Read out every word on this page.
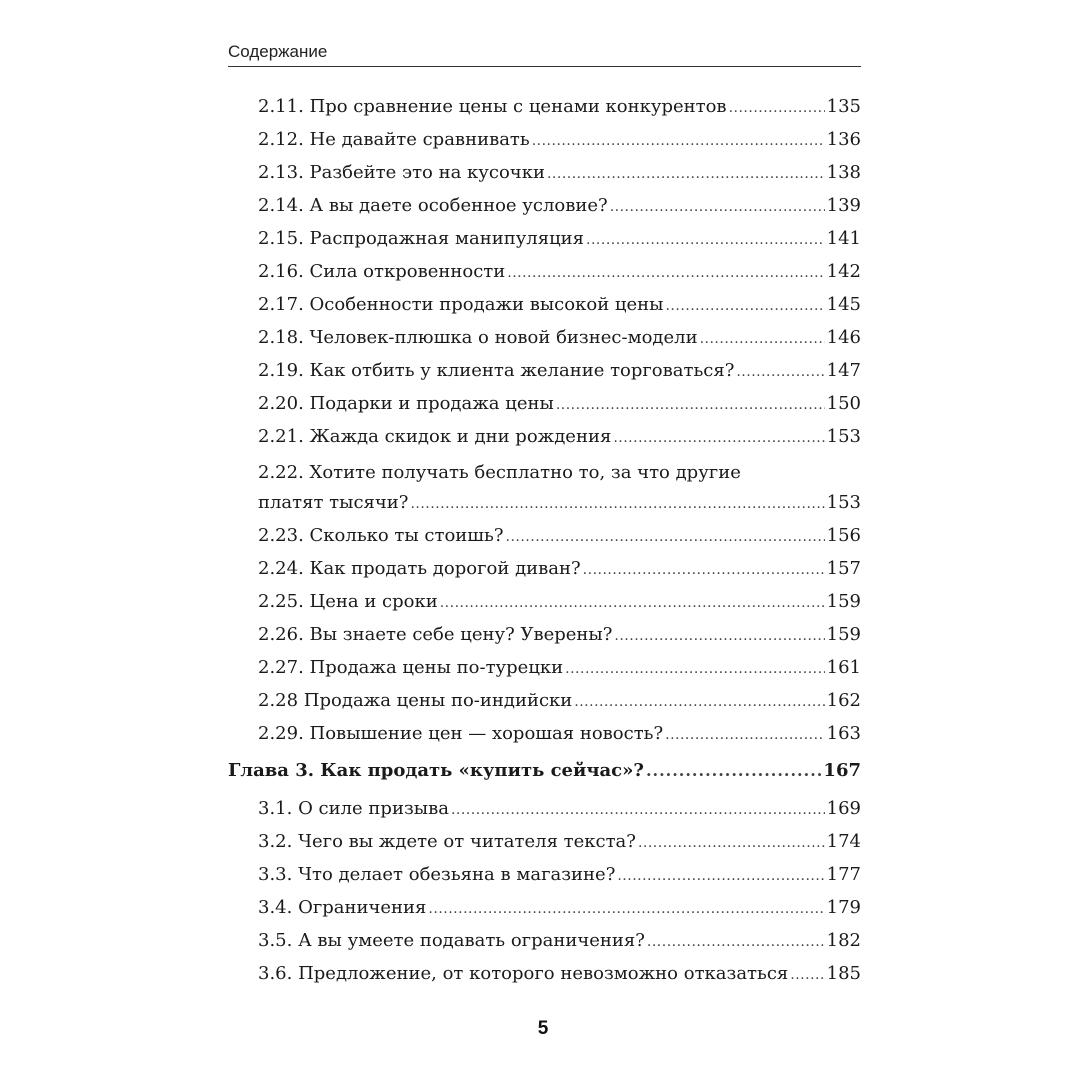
Содержание
2.11. Про сравнение цены с ценами конкурентов .....	135
2.12. Не давайте сравнивать .....	136
2.13. Разбейте это на кусочки .....	138
2.14. А вы даете особенное условие? .....	139
2.15. Распродажная манипуляция .....	141
2.16. Сила откровенности .....	142
2.17. Особенности продажи высокой цены .....	145
2.18. Человек-плюшка о новой бизнес-модели .....	146
2.19. Как отбить у клиента желание торговаться? .....	147
2.20. Подарки и продажа цены .....	150
2.21. Жажда скидок и дни рождения .....	153
2.22. Хотите получать бесплатно то, за что другие
платят тысячи? .....	153
2.23. Сколько ты стоишь? .....	156
2.24. Как продать дорогой диван? .....	157
2.25. Цена и сроки .....	159
2.26. Вы знаете себе цену? Уверены? .....	159
2.27. Продажа цены по-турецки .....	161
2.28 Продажа цены по-индийски .....	162
2.29. Повышение цен — хорошая новость? .....	163
Глава 3. Как продать «купить сейчас»? .....	167
3.1. О силе призыва .....	169
3.2. Чего вы ждете от читателя текста? .....	174
3.3. Что делает обезьяна в магазине? .....	177
3.4. Ограничения .....	179
3.5. А вы умеете подавать ограничения? .....	182
3.6. Предложение, от которого невозможно отказаться ..... 185
5
